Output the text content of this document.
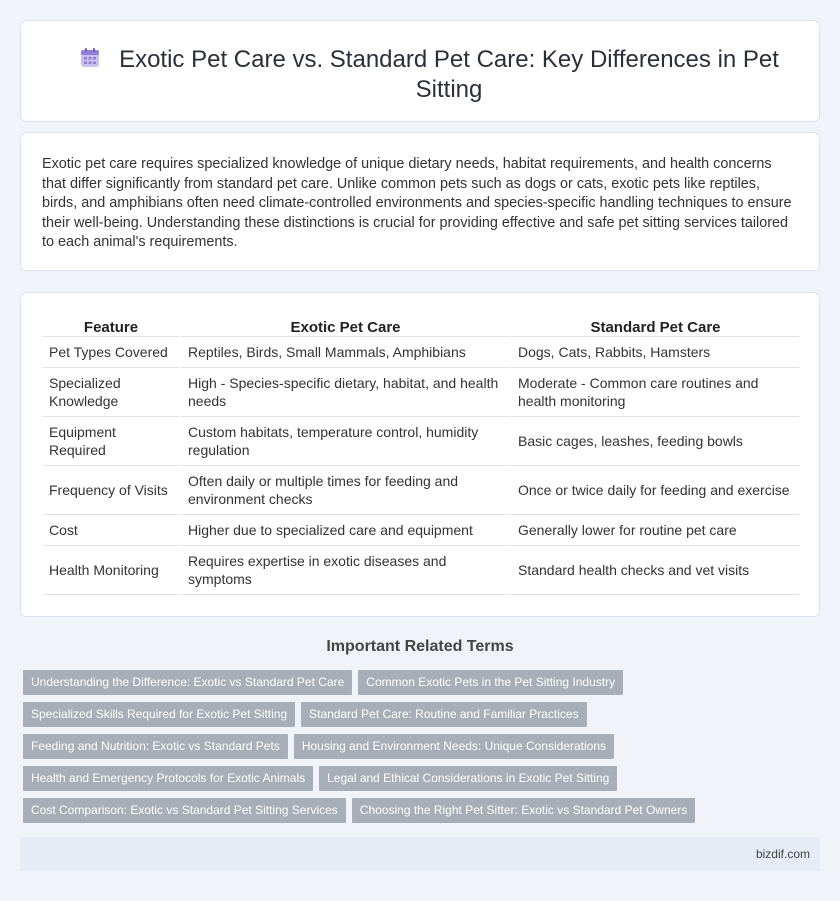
Exotic Pet Care vs. Standard Pet Care: Key Differences in Pet Sitting

Exotic pet care requires specialized knowledge of unique dietary needs, habitat requirements, and health concerns that differ significantly from standard pet care. Unlike common pets such as dogs or cats, exotic pets like reptiles, birds, and amphibians often need climate-controlled environments and species-specific handling techniques to ensure their well-being. Understanding these distinctions is crucial for providing effective and safe pet sitting services tailored to each animal's requirements.

Feature	Exotic Pet Care	Standard Pet Care
Pet Types Covered	Reptiles, Birds, Small Mammals, Amphibians	Dogs, Cats, Rabbits, Hamsters
Specialized Knowledge	High - Species-specific dietary, habitat, and health needs	Moderate - Common care routines and health monitoring
Equipment Required	Custom habitats, temperature control, humidity regulation	Basic cages, leashes, feeding bowls
Frequency of Visits	Often daily or multiple times for feeding and environment checks	Once or twice daily for feeding and exercise
Cost	Higher due to specialized care and equipment	Generally lower for routine pet care
Health Monitoring	Requires expertise in exotic diseases and symptoms	Standard health checks and vet visits
Important Related Terms
Understanding the Difference: Exotic vs Standard Pet Care Common Exotic Pets in the Pet Sitting Industry
Specialized Skills Required for Exotic Pet Sitting Standard Pet Care: Routine and Familiar Practices
Feeding and Nutrition: Exotic vs Standard Pets Housing and Environment Needs: Unique Considerations
Health and Emergency Protocols for Exotic Animals Legal and Ethical Considerations in Exotic Pet Sitting
Cost Comparison: Exotic vs Standard Pet Sitting Services Choosing the Right Pet Sitter: Exotic vs Standard Pet Owners
bizdif.com
